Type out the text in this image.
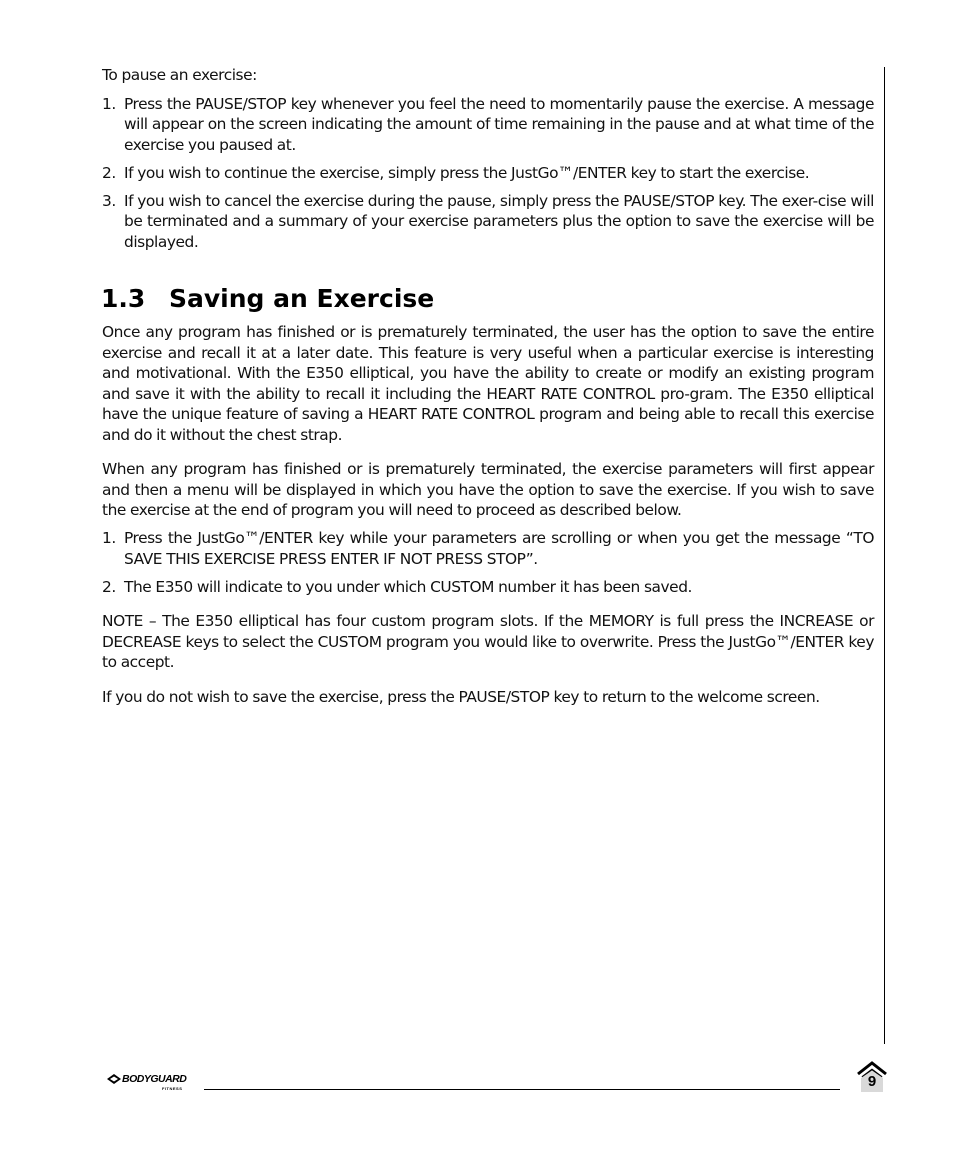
To pause an exercise:

1. Press the PAUSE/STOP key whenever you feel the need to momentarily pause the exercise. A message will appear on the screen indicating the amount of time remaining in the pause and at what time of the exercise you paused at.
2. If you wish to continue the exercise, simply press the JustGo™/ENTER key to start the exercise.
3. If you wish to cancel the exercise during the pause, simply press the PAUSE/STOP key. The exer-cise will be terminated and a summary of your exercise parameters plus the option to save the exercise will be displayed.
1.3 Saving an Exercise

Once any program has finished or is prematurely terminated, the user has the option to save the entire exercise and recall it at a later date. This feature is very useful when a particular exercise is interesting and motivational. With the E350 elliptical, you have the ability to create or modify an existing program and save it with the ability to recall it including the HEART RATE CONTROL pro-gram. The E350 elliptical have the unique feature of saving a HEART RATE CONTROL program and being able to recall this exercise and do it without the chest strap.

When any program has finished or is prematurely terminated, the exercise parameters will first appear and then a menu will be displayed in which you have the option to save the exercise. If you wish to save the exercise at the end of program you will need to proceed as described below.

1. Press the JustGo™/ENTER key while your parameters are scrolling or when you get the message “TO SAVE THIS EXERCISE PRESS ENTER IF NOT PRESS STOP”.
2. The E350 will indicate to you under which CUSTOM number it has been saved.

NOTE – The E350 elliptical has four custom program slots. If the MEMORY is full press the INCREASE or DECREASE keys to select the CUSTOM program you would like to overwrite. Press the JustGo™/ENTER key to accept.

If you do not wish to save the exercise, press the PAUSE/STOP key to return to the welcome screen.

BODYGUARD
FITNESS	9
